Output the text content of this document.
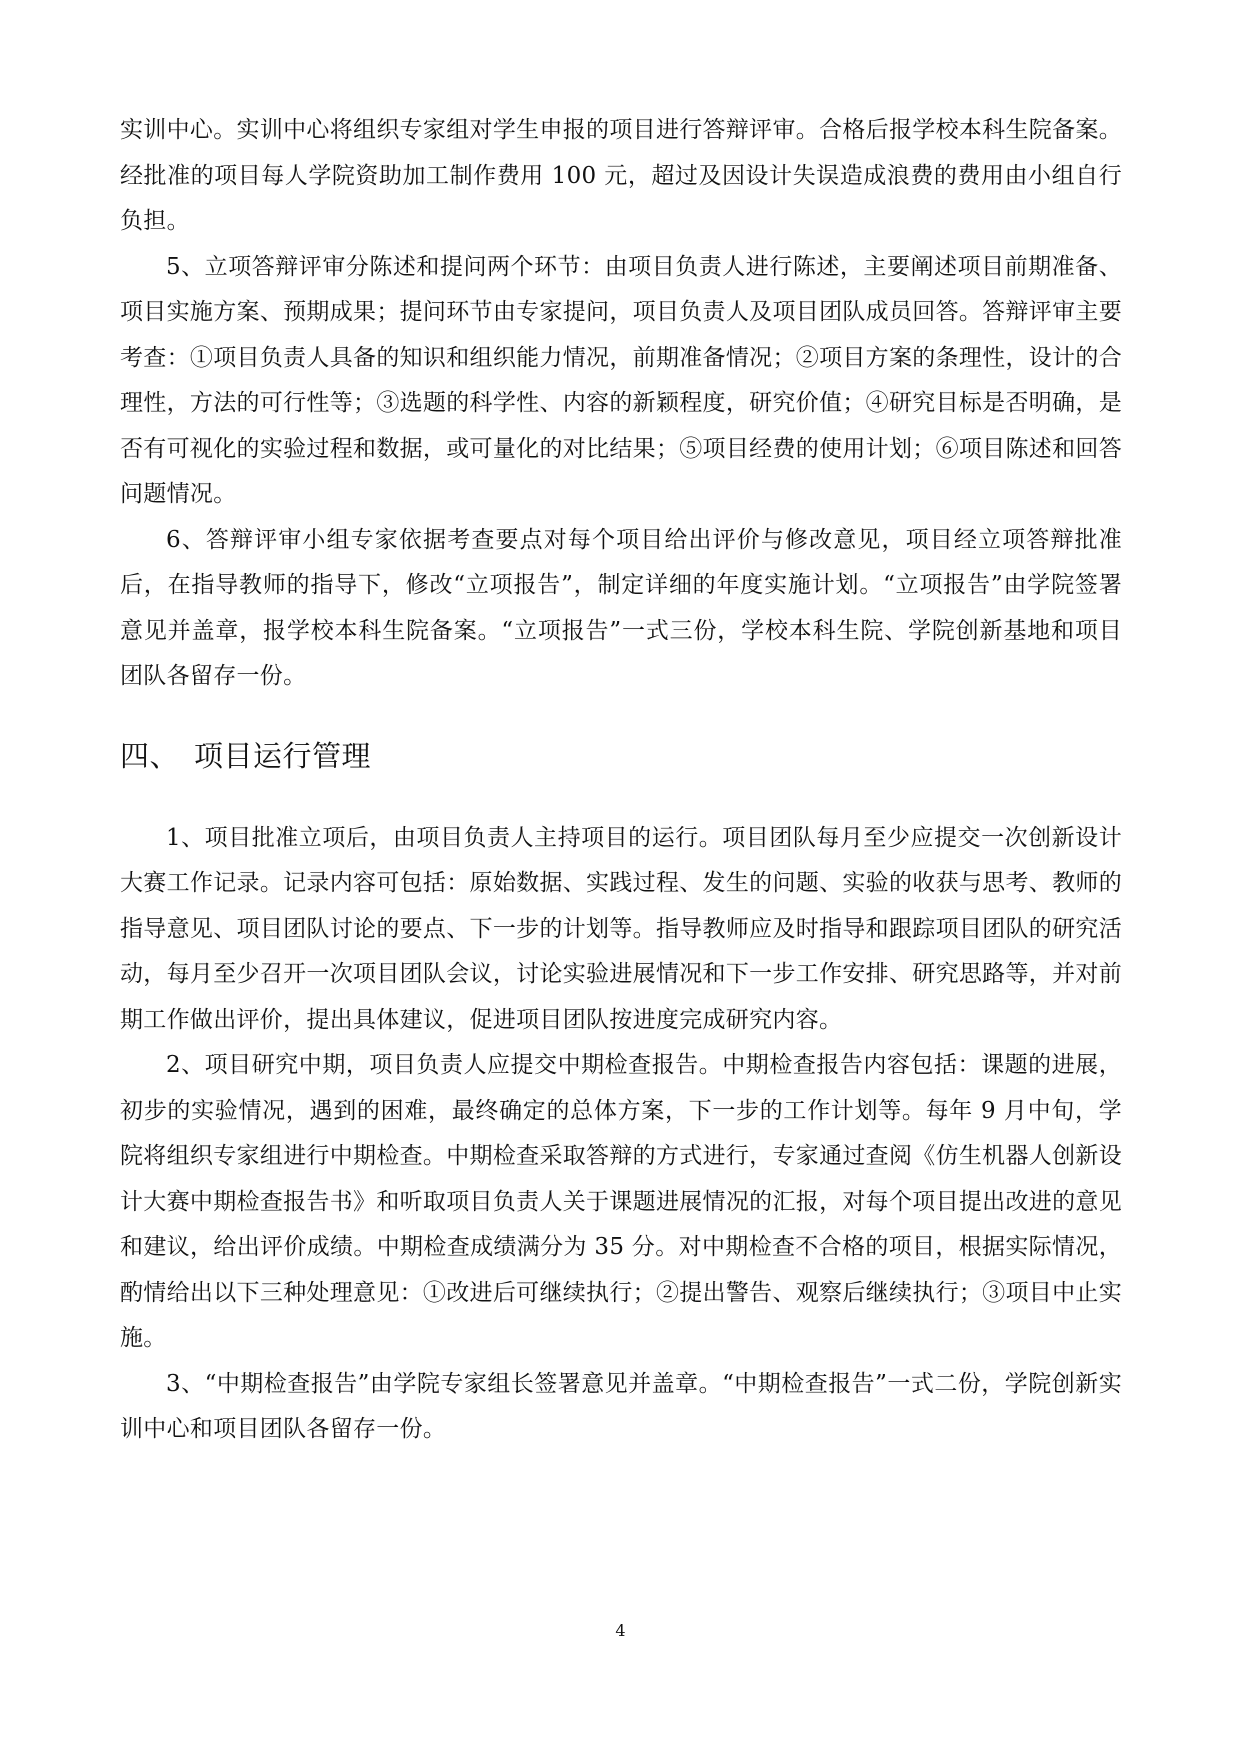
实训中心。实训中心将组织专家组对学生申报的项目进行答辩评审。合格后报学校本科生院备案。经批准的项目每人学院资助加工制作费用 100 元，超过及因设计失误造成浪费的费用由小组自行负担。

5、立项答辩评审分陈述和提问两个环节：由项目负责人进行陈述，主要阐述项目前期准备、项目实施方案、预期成果；提问环节由专家提问，项目负责人及项目团队成员回答。答辩评审主要考查：①项目负责人具备的知识和组织能力情况，前期准备情况；②项目方案的条理性，设计的合理性，方法的可行性等；③选题的科学性、内容的新颖程度，研究价值；④研究目标是否明确，是否有可视化的实验过程和数据，或可量化的对比结果；⑤项目经费的使用计划；⑥项目陈述和回答问题情况。

6、答辩评审小组专家依据考查要点对每个项目给出评价与修改意见，项目经立项答辩批准后，在指导教师的指导下，修改“立项报告”，制定详细的年度实施计划。“立项报告”由学院签署意见并盖章，报学校本科生院备案。“立项报告”一式三份，学校本科生院、学院创新基地和项目团队各留存一份。

四、 项目运行管理

1、项目批准立项后，由项目负责人主持项目的运行。项目团队每月至少应提交一次创新设计大赛工作记录。记录内容可包括：原始数据、实践过程、发生的问题、实验的收获与思考、教师的指导意见、项目团队讨论的要点、下一步的计划等。指导教师应及时指导和跟踪项目团队的研究活动，每月至少召开一次项目团队会议，讨论实验进展情况和下一步工作安排、研究思路等，并对前期工作做出评价，提出具体建议，促进项目团队按进度完成研究内容。

2、项目研究中期，项目负责人应提交中期检查报告。中期检查报告内容包括：课题的进展，初步的实验情况，遇到的困难，最终确定的总体方案，下一步的工作计划等。每年 9 月中旬，学院将组织专家组进行中期检查。中期检查采取答辩的方式进行，专家通过查阅《仿生机器人创新设计大赛中期检查报告书》和听取项目负责人关于课题进展情况的汇报，对每个项目提出改进的意见和建议，给出评价成绩。中期检查成绩满分为 35 分。对中期检查不合格的项目，根据实际情况，酌情给出以下三种处理意见：①改进后可继续执行；②提出警告、观察后继续执行；③项目中止实施。

3、“中期检查报告”由学院专家组长签署意见并盖章。“中期检查报告”一式二份，学院创新实训中心和项目团队各留存一份。

4
